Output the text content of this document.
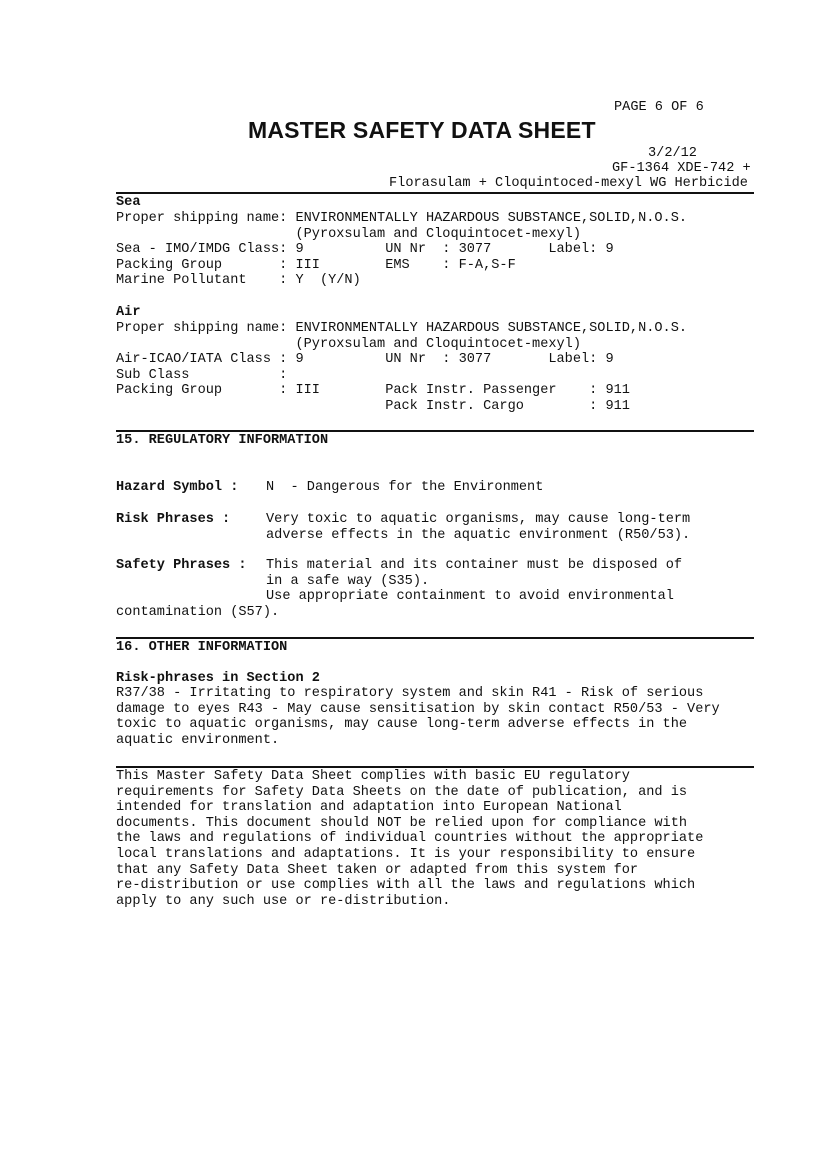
PAGE 6 OF 6
MASTER SAFETY DATA SHEET
3/2/12
GF-1364 XDE-742 +
Florasulam + Cloquintoced-mexyl WG Herbicide
Sea
Proper shipping name: ENVIRONMENTALLY HAZARDOUS SUBSTANCE,SOLID,N.O.S.
(Pyroxsulam and Cloquintocet-mexyl)
Sea - IMO/IMDG Class: 9          UN Nr  : 3077       Label: 9
Packing Group       : III        EMS    : F-A,S-F
Marine Pollutant    : Y  (Y/N)
Air
Proper shipping name: ENVIRONMENTALLY HAZARDOUS SUBSTANCE,SOLID,N.O.S.
(Pyroxsulam and Cloquintocet-mexyl)
Air-ICAO/IATA Class : 9          UN Nr  : 3077       Label: 9
Sub Class           :
Packing Group       : III        Pack Instr. Passenger    : 911
Pack Instr. Cargo        : 911
15. REGULATORY INFORMATION
Hazard Symbol : N  - Dangerous for the Environment
Risk Phrases :	Very toxic to aquatic organisms, may cause long-term
adverse effects in the aquatic environment (R50/53).
Safety Phrases : This material and its container must be disposed of
in a safe way (S35).
Use appropriate containment to avoid environmental
contamination (S57).
16. OTHER INFORMATION
Risk-phrases in Section 2
R37/38 - Irritating to respiratory system and skin R41 - Risk of serious
damage to eyes R43 - May cause sensitisation by skin contact R50/53 - Very
toxic to aquatic organisms, may cause long-term adverse effects in the
aquatic environment.
This Master Safety Data Sheet complies with basic EU regulatory
requirements for Safety Data Sheets on the date of publication, and is
intended for translation and adaptation into European National
documents. This document should NOT be relied upon for compliance with
the laws and regulations of individual countries without the appropriate
local translations and adaptations. It is your responsibility to ensure
that any Safety Data Sheet taken or adapted from this system for
re-distribution or use complies with all the laws and regulations which
apply to any such use or re-distribution.
